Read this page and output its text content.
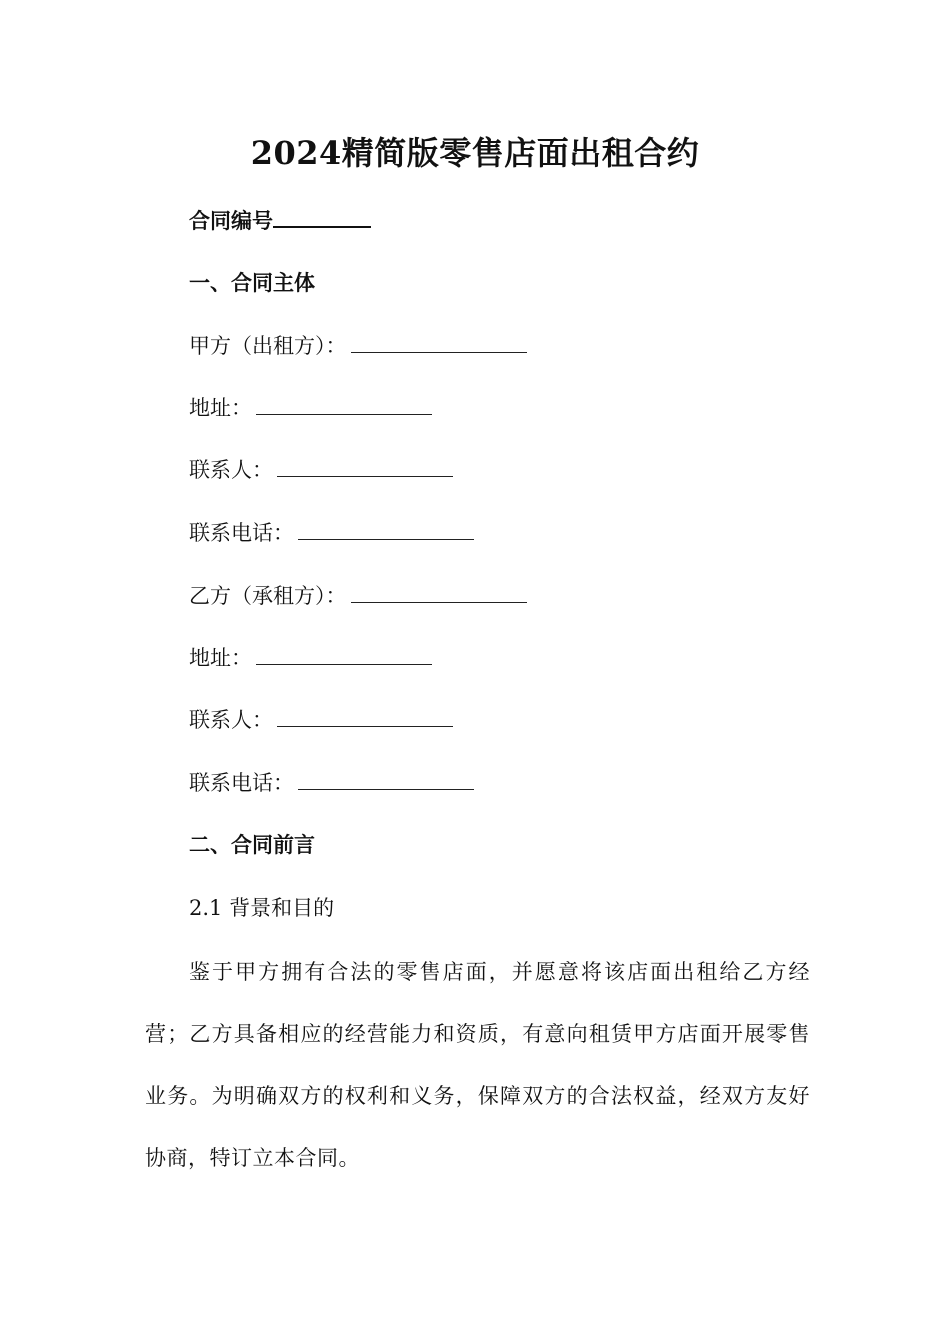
2024精简版零售店面出租合约
合同编号
一、合同主体
甲方（出租方）：
地址：
联系人：
联系电话：
乙方（承租方）：
地址：
联系人：
联系电话：
二、合同前言
2.1 背景和目的

鉴于甲方拥有合法的零售店面，并愿意将该店面出租给乙方经营；乙方具备相应的经营能力和资质，有意向租赁甲方店面开展零售业务。为明确双方的权利和义务，保障双方的合法权益，经双方友好协商，特订立本合同。
